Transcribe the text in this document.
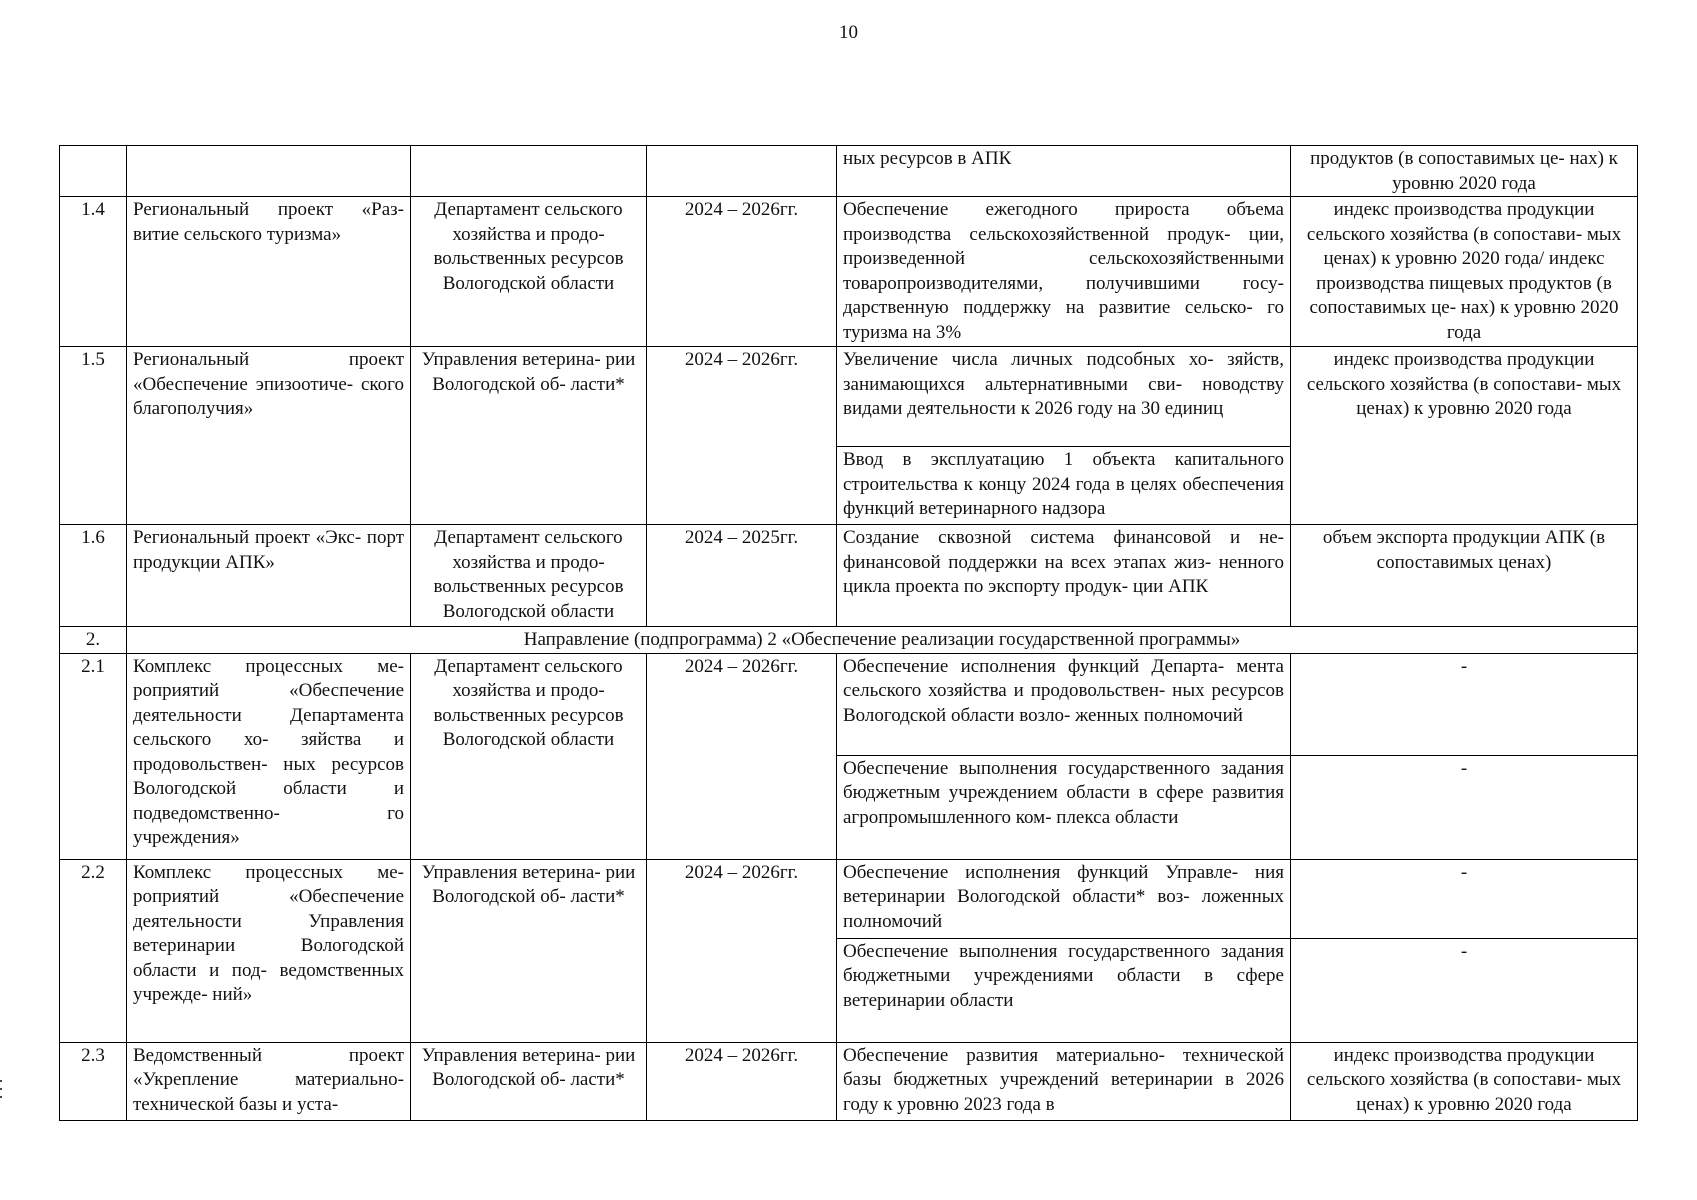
10
				ных ресурсов в АПК	продуктов (в сопоставимых це- нах) к уровню 2020 года
1.4	Региональный проект «Раз- витие сельского туризма»	Департамент сельского хозяйства и продо- вольственных ресурсов Вологодской области	2024 – 2026гг.	Обеспечение ежегодного прироста объема производства сельскохозяйственной продук- ции, произведенной сельскохозяйственными товаропроизводителями, получившими госу- дарственную поддержку на развитие сельско- го туризма на 3%	индекс производства продукции сельского хозяйства (в сопостави- мых ценах) к уровню 2020 года/ индекс производства пищевых продуктов (в сопоставимых це- нах) к уровню 2020 года
1.5	Региональный проект «Обеспечение эпизоотиче- ского благополучия»	Управления ветерина- рии Вологодской об- ласти*	2024 – 2026гг.	Увеличение числа личных подсобных хо- зяйств, занимающихся альтернативными сви- новодству видами деятельности к 2026 году на 30 единиц	индекс производства продукции сельского хозяйства (в сопостави- мых ценах) к уровню 2020 года
				Ввод в эксплуатацию 1 объекта капитального строительства к концу 2024 года в целях обеспечения функций ветеринарного надзора	
1.6	Региональный проект «Экс- порт продукции АПК»	Департамент сельского хозяйства и продо- вольственных ресурсов Вологодской области	2024 – 2025гг.	Создание сквозной система финансовой и не- финансовой поддержки на всех этапах жиз- ненного цикла проекта по экспорту продук- ции АПК	объем экспорта продукции АПК (в сопоставимых ценах)
2.	Направление (подпрограмма) 2 «Обеспечение реализации государственной программы»				
2.1	Комплекс процессных ме- роприятий «Обеспечение деятельности Департамента сельского хо- зяйства и продовольствен- ных ресурсов Вологодской области и подведомственно- го учреждения»	Департамент сельского хозяйства и продо- вольственных ресурсов Вологодской области	2024 – 2026гг.	Обеспечение исполнения функций Департа- мента сельского хозяйства и продовольствен- ных ресурсов Вологодской области возло- женных полномочий	-
				Обеспечение выполнения государственного задания бюджетным учреждением области в сфере развития агропромышленного ком- плекса области	-
2.2	Комплекс процессных ме- роприятий «Обеспечение деятельности Управления ветеринарии Вологодской области и под- ведомственных учрежде- ний»	Управления ветерина- рии Вологодской об- ласти*	2024 – 2026гг.	Обеспечение исполнения функций Управле- ния ветеринарии Вологодской области* воз- ложенных полномочий	-
				Обеспечение выполнения государственного задания бюджетными учреждениями области в сфере ветеринарии области	-
2.3	Ведомственный проект «Укрепление материально- технической базы и уста-	Управления ветерина- рии Вологодской об- ласти*	2024 – 2026гг.	Обеспечение развития материально- технической базы бюджетных учреждений ветеринарии в 2026 году к уровню 2023 года в	индекс производства продукции сельского хозяйства (в сопостави- мых ценах) к уровню 2020 года
